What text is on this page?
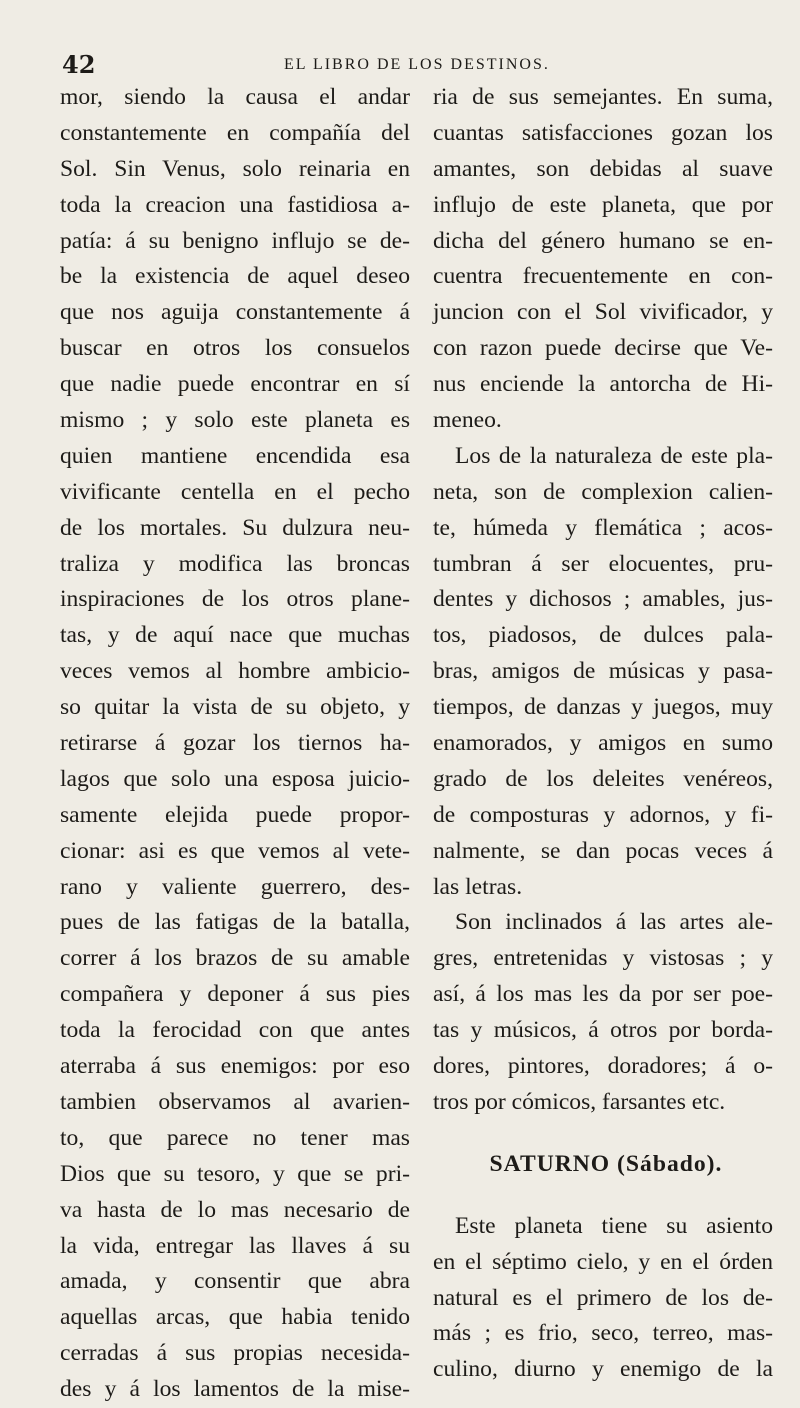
42	EL LIBRO DE LOS DESTINOS.
mor, siendo la causa el andar
constantemente en compañía del
Sol. Sin Venus, solo reinaria en
toda la creacion una fastidiosa a-
patía: á su benigno influjo se de-
be la existencia de aquel deseo
que nos aguija constantemente á
buscar en otros los consuelos
que nadie puede encontrar en sí
mismo ; y solo este planeta es
quien mantiene encendida esa
vivificante centella en el pecho
de los mortales. Su dulzura neu-
traliza y modifica las broncas
inspiraciones de los otros plane-
tas, y de aquí nace que muchas
veces vemos al hombre ambicio-
so quitar la vista de su objeto, y
retirarse á gozar los tiernos ha-
lagos que solo una esposa juicio-
samente elejida puede propor-
cionar: asi es que vemos al vete-
rano y valiente guerrero, des-
pues de las fatigas de la batalla,
correr á los brazos de su amable
compañera y deponer á sus pies
toda la ferocidad con que antes
aterraba á sus enemigos: por eso
tambien observamos al avarien-
to, que parece no tener mas
Dios que su tesoro, y que se pri-
va hasta de lo mas necesario de
la vida, entregar las llaves á su
amada, y consentir que abra
aquellas arcas, que habia tenido
cerradas á sus propias necesida-
des y á los lamentos de la mise-
ria de sus semejantes. En suma,
cuantas satisfacciones gozan los
amantes, son debidas al suave
influjo de este planeta, que por
dicha del género humano se en-
cuentra frecuentemente en con-
juncion con el Sol vivificador, y
con razon puede decirse que Ve-
nus enciende la antorcha de Hi-
meneo.
Los de la naturaleza de este pla-
neta, son de complexion calien-
te, húmeda y flemática ; acos-
tumbran á ser elocuentes, pru-
dentes y dichosos ; amables, jus-
tos, piadosos, de dulces pala-
bras, amigos de músicas y pasa-
tiempos, de danzas y juegos, muy
enamorados, y amigos en sumo
grado de los deleites venéreos,
de composturas y adornos, y fi-
nalmente, se dan pocas veces á
las letras.
Son inclinados á las artes ale-
gres, entretenidas y vistosas ; y
así, á los mas les da por ser poe-
tas y músicos, á otros por borda-
dores, pintores, doradores; á o-
tros por cómicos, farsantes etc.
SATURNO (Sábado).
Este planeta tiene su asiento
en el séptimo cielo, y en el órden
natural es el primero de los de-
más ; es frio, seco, terreo, mas-
culino, diurno y enemigo de la
